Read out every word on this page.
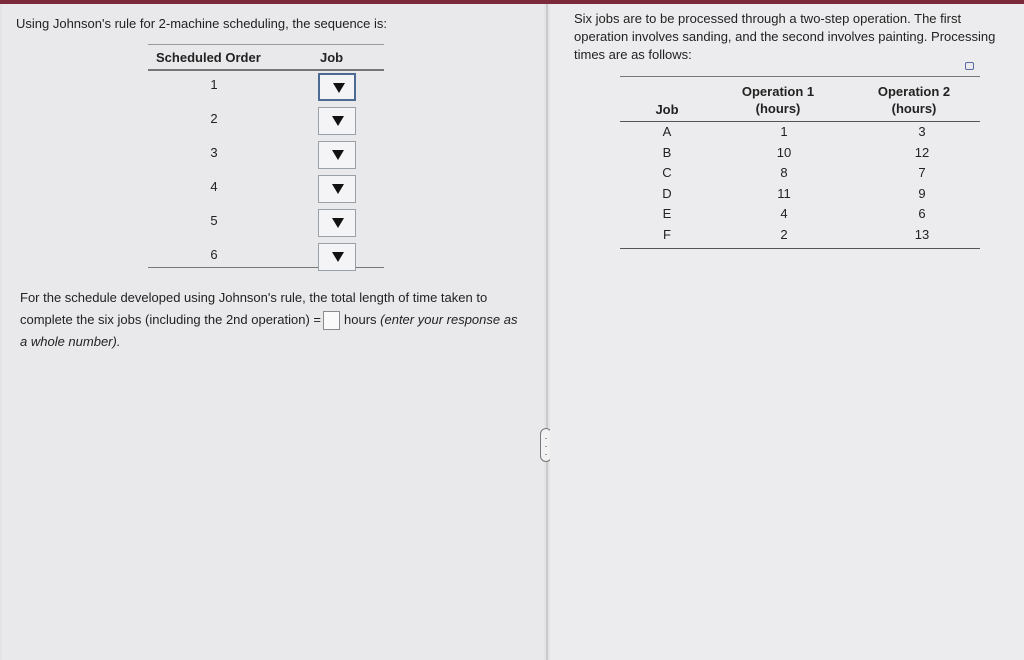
Using Johnson's rule for 2-machine scheduling, the sequence is:
Scheduled Order	Job
1
2
3
4
5
6
For the schedule developed using Johnson's rule, the total length of time taken to complete the six jobs (including the 2nd operation) = hours (enter your response as a whole number).
·
·
·
Six jobs are to be processed through a two-step operation. The first operation involves sanding, and the second involves painting. Processing times are as follows:
Job
Operation 1
(hours)
Operation 2
(hours)
A	1	3
B	10	12
C	8	7
D	11	9
E	4	6
F	2	13
